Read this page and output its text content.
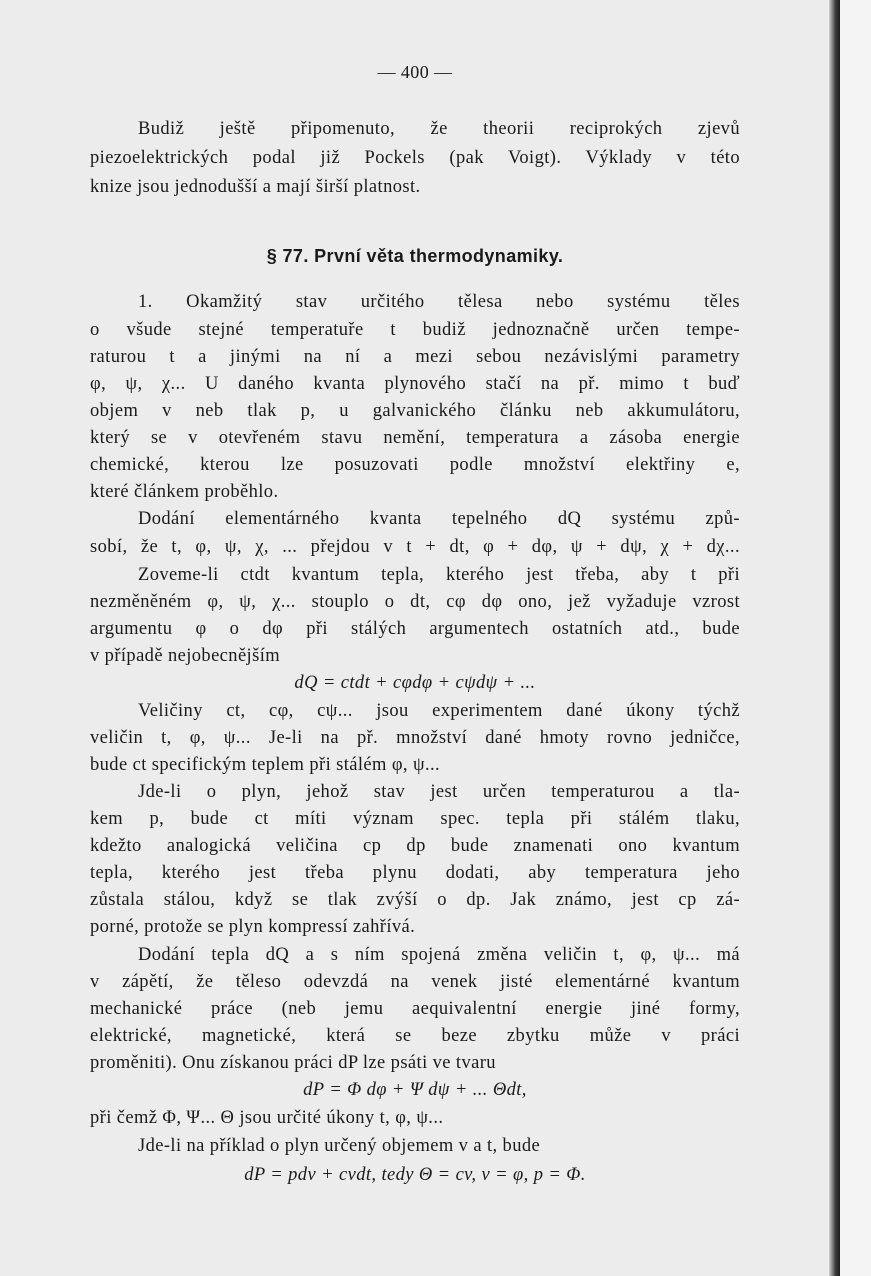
— 400 —
Budiž ještě připomenuto, že theorii reciprokých zjevů
piezoelektrických podal již Pockels (pak Voigt). Výklady v této
knize jsou jednodušší a mají širší platnost.
§ 77. První věta thermodynamiky.
1. Okamžitý stav určitého tělesa nebo systému těles
o všude stejné temperatuře t budiž jednoznačně určen tempe-
raturou t a jinými na ní a mezi sebou nezávislými parametry
φ, ψ, χ... U daného kvanta plynového stačí na př. mimo t buď
objem v neb tlak p, u galvanického článku neb akkumulátoru,
který se v otevřeném stavu nemění, temperatura a zásoba energie
chemické, kterou lze posuzovati podle množství elektřiny e,
které článkem proběhlo.
Dodání elementárného kvanta tepelného dQ systému způ-
sobí, že t, φ, ψ, χ, ... přejdou v t + dt, φ + dφ, ψ + dψ, χ + dχ...
Zoveme-li ctdt kvantum tepla, kterého jest třeba, aby t při
nezměněném φ, ψ, χ... stouplo o dt, cφ dφ ono, jež vyžaduje vzrost
argumentu φ o dφ při stálých argumentech ostatních atd., bude
v případě nejobecnějším
dQ = ctdt + cφdφ + cψdψ + ...
Veličiny ct, cφ, cψ... jsou experimentem dané úkony týchž
veličin t, φ, ψ... Je-li na př. množství dané hmoty rovno jedničce,
bude ct specifickým teplem při stálém φ, ψ...
Jde-li o plyn, jehož stav jest určen temperaturou a tla-
kem p, bude ct míti význam spec. tepla při stálém tlaku,
kdežto analogická veličina cp dp bude znamenati ono kvantum
tepla, kterého jest třeba plynu dodati, aby temperatura jeho
zůstala stálou, když se tlak zvýší o dp. Jak známo, jest cp zá-
porné, protože se plyn kompressí zahřívá.
Dodání tepla dQ a s ním spojená změna veličin t, φ, ψ... má
v zápětí, že těleso odevzdá na venek jisté elementárné kvantum
mechanické práce (neb jemu aequivalentní energie jiné formy,
elektrické, magnetické, která se beze zbytku může v práci
proměniti). Onu získanou práci dP lze psáti ve tvaru
dP = Φ dφ + Ψ dψ + ... Θdt,
při čemž Φ, Ψ... Θ jsou určité úkony t, φ, ψ...
Jde-li na příklad o plyn určený objemem v a t, bude
dP = pdv + cvdt, tedy Θ = cv, v = φ, p = Φ.
